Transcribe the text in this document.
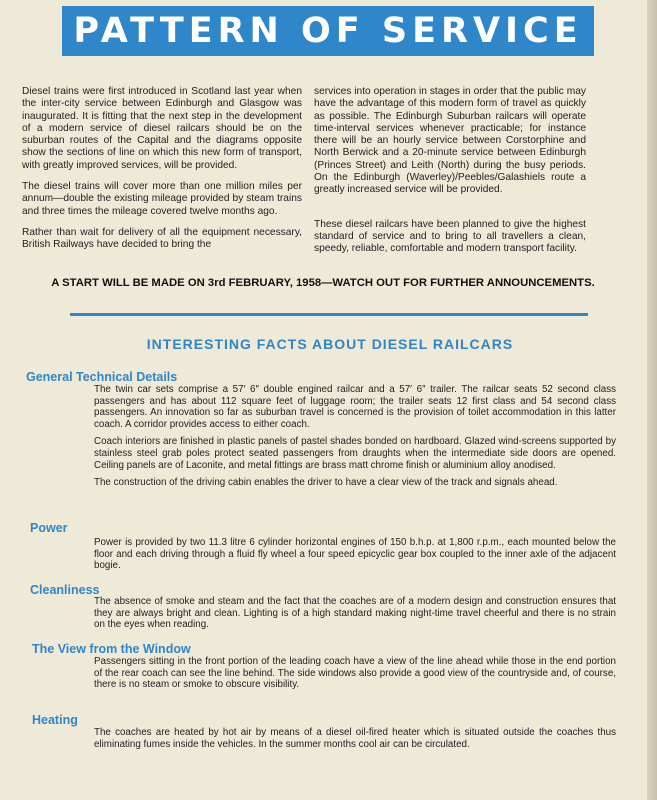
PATTERN OF SERVICE

Diesel trains were first introduced in Scotland last year when the inter-city service between Edinburgh and Glasgow was inaugurated. It is fitting that the next step in the development of a modern service of diesel railcars should be on the suburban routes of the Capital and the diagrams opposite show the sections of line on which this new form of transport, with greatly improved services, will be provided.

The diesel trains will cover more than one million miles per annum—double the existing mileage provided by steam trains and three times the mileage covered twelve months ago.

Rather than wait for delivery of all the equipment necessary, British Railways have decided to bring the

services into operation in stages in order that the public may have the advantage of this modern form of travel as quickly as possible. The Edinburgh Suburban railcars will operate time-interval services whenever practicable; for instance there will be an hourly service between Corstorphine and North Berwick and a 20-minute service between Edinburgh (Princes Street) and Leith (North) during the busy periods. On the Edinburgh (Waverley)/Peebles/Galashiels route a greatly increased service will be provided.

These diesel railcars have been planned to give the highest standard of service and to bring to all travellers a clean, speedy, reliable, comfortable and modern transport facility.

A START WILL BE MADE ON 3rd FEBRUARY, 1958—WATCH OUT FOR FURTHER ANNOUNCEMENTS.
INTERESTING FACTS ABOUT DIESEL RAILCARS
General Technical Details

The twin car sets comprise a 57′ 6″ double engined railcar and a 57′ 6″ trailer. The railcar seats 52 second class passengers and has about 112 square feet of luggage room; the trailer seats 12 first class and 54 second class passengers. An innovation so far as suburban travel is concerned is the provision of toilet accommodation in this latter coach. A corridor provides access to either coach.

Coach interiors are finished in plastic panels of pastel shades bonded on hardboard. Glazed wind-screens supported by stainless steel grab poles protect seated passengers from draughts when the intermediate side doors are opened. Ceiling panels are of Laconite, and metal fittings are brass matt chrome finish or aluminium alloy anodised.

The construction of the driving cabin enables the driver to have a clear view of the track and signals ahead.

Power

Power is provided by two 11.3 litre 6 cylinder horizontal engines of 150 b.h.p. at 1,800 r.p.m., each mounted below the floor and each driving through a fluid fly wheel a four speed epicyclic gear box coupled to the inner axle of the adjacent bogie.

Cleanliness

The absence of smoke and steam and the fact that the coaches are of a modern design and construction ensures that they are always bright and clean. Lighting is of a high standard making night-time travel cheerful and there is no strain on the eyes when reading.

The View from the Window

Passengers sitting in the front portion of the leading coach have a view of the line ahead while those in the end portion of the rear coach can see the line behind. The side windows also provide a good view of the countryside and, of course, there is no steam or smoke to obscure visibility.

Heating

The coaches are heated by hot air by means of a diesel oil-fired heater which is situated outside the coaches thus eliminating fumes inside the vehicles. In the summer months cool air can be circulated.
